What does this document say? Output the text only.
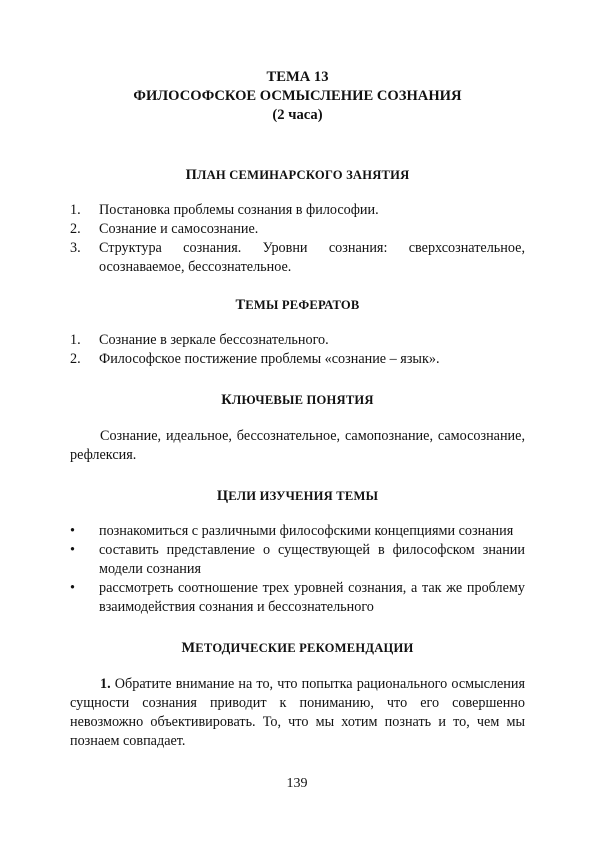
ТЕМА 13

ФИЛОСОФСКОЕ ОСМЫСЛЕНИЕ СОЗНАНИЯ

(2 часа)

ПЛАН СЕМИНАРСКОГО ЗАНЯТИЯ

1. Постановка проблемы сознания в философии.
2. Сознание и самосознание.
3. Структура сознания. Уровни сознания: сверхсознательное, осознаваемое, бессознательное.

ТЕМЫ РЕФЕРАТОВ

1. Сознание в зеркале бессознательного.
2. Философское постижение проблемы «сознание – язык».

КЛЮЧЕВЫЕ ПОНЯТИЯ

Сознание, идеальное, бессознательное, самопознание, самосознание, рефлексия.

ЦЕЛИ ИЗУЧЕНИЯ ТЕМЫ

• познакомиться с различными философскими концепциями сознания
• составить представление о существующей в философском знании модели сознания
• рассмотреть соотношение трех уровней сознания, а так же проблему взаимодействия сознания и бессознательного

МЕТОДИЧЕСКИЕ РЕКОМЕНДАЦИИ

1. Обратите внимание на то, что попытка рационального осмысления сущности сознания приводит к пониманию, что его совершенно невозможно объективировать. То, что мы хотим познать и то, чем мы познаем совпадает.

139
